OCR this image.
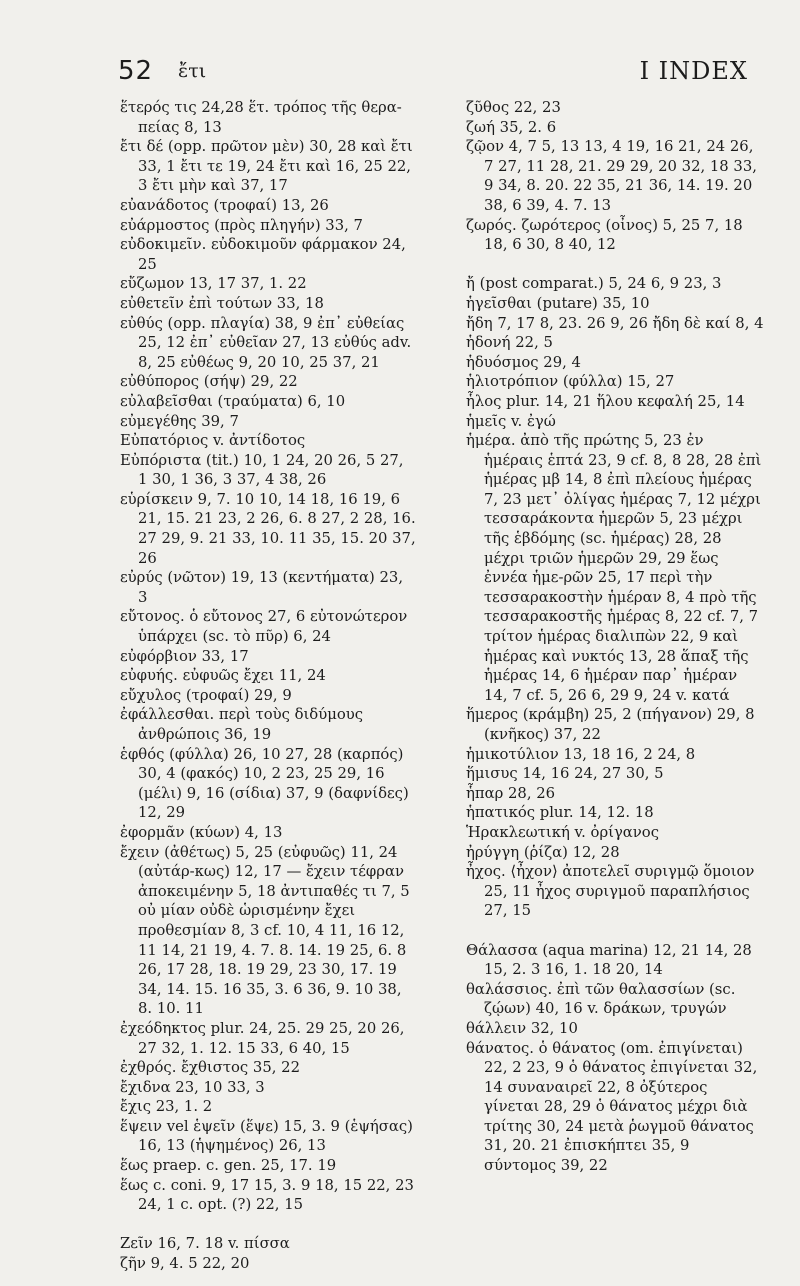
52 ἔτι	I INDEX

ἕτερός τις 24,28 ἕτ. τρόπος τῆς θερα-πείας 8, 13

ἔτι δέ (opp. πρῶτον μὲν) 30, 28 καὶ ἔτι 33, 1 ἔτι τε 19, 24 ἔτι καὶ 16, 25 22, 3 ἔτι μὴν καὶ 37, 17

εὐανάδοτος (τροφαί) 13, 26

εὐάρμοστος (πρὸς πληγήν) 33, 7

εὐδοκιμεῖν. εὐδοκιμοῦν φάρμακον 24, 25

εὔζωμον 13, 17 37, 1. 22

εὐθετεῖν ἐπὶ τούτων 33, 18

εὐθύς (opp. πλαγία) 38, 9 ἐπ᾽ εὐθείας 25, 12 ἐπ᾽ εὐθεῖαν 27, 13 εὐθύς adv. 8, 25 εὐθέως 9, 20 10, 25 37, 21

εὐθύπορος (σήψ) 29, 22

εὐλαβεῖσθαι (τραύματα) 6, 10

εὐμεγέθης 39, 7

Εὐπατόριος v. ἀντίδοτος

Εὐπόριστα (tit.) 10, 1 24, 20 26, 5 27, 1 30, 1 36, 3 37, 4 38, 26

εὑρίσκειν 9, 7. 10 10, 14 18, 16 19, 6 21, 15. 21 23, 2 26, 6. 8 27, 2 28, 16. 27 29, 9. 21 33, 10. 11 35, 15. 20 37, 26

εὐρύς (νῶτον) 19, 13 (κεντήματα) 23, 3

εὔτονος. ὁ εὔτονος 27, 6 εὐτονώτερον ὑπάρχει (sc. τὸ πῦρ) 6, 24

εὐφόρβιον 33, 17

εὐφυής. εὐφυῶς ἔχει 11, 24

εὔχυλος (τροφαί) 29, 9

ἐφάλλεσθαι. περὶ τοὺς διδύμους ἀνθρώποις 36, 19

ἑφθός (φύλλα) 26, 10 27, 28 (καρπός) 30, 4 (φακός) 10, 2 23, 25 29, 16 (μέλι) 9, 16 (σίδια) 37, 9 (δαφνίδες) 12, 29

ἐφορμᾶν (κύων) 4, 13

ἔχειν (ἀθέτως) 5, 25 (εὐφυῶς) 11, 24 (αὐτάρ-κως) 12, 17 — ἔχειν τέφραν ἀποκειμένην 5, 18 ἀντιπαθές τι 7, 5 οὐ μίαν οὐδὲ ὡρισμένην ἔχει προθεσμίαν 8, 3 cf. 10, 4 11, 16 12, 11 14, 21 19, 4. 7. 8. 14. 19 25, 6. 8 26, 17 28, 18. 19 29, 23 30, 17. 19 34, 14. 15. 16 35, 3. 6 36, 9. 10 38, 8. 10. 11

ἐχεόδηκτος plur. 24, 25. 29 25, 20 26, 27 32, 1. 12. 15 33, 6 40, 15

ἐχθρός. ἔχθιστος 35, 22

ἔχιδνα 23, 10 33, 3

ἔχις 23, 1. 2

ἕψειν vel ἑψεῖν (ἕψε) 15, 3. 9 (ἑψήσας) 16, 13 (ἡψημένος) 26, 13

ἕως praep. c. gen. 25, 17. 19

ἕως c. coni. 9, 17 15, 3. 9 18, 15 22, 23 24, 1 c. opt. (?) 22, 15

Ζεῖν 16, 7. 18 v. πίσσα

ζῆν 9, 4. 5 22, 20

ζῦθος 22, 23

ζωή 35, 2. 6

ζῷον 4, 7 5, 13 13, 4 19, 16 21, 24 26, 7 27, 11 28, 21. 29 29, 20 32, 18 33, 9 34, 8. 20. 22 35, 21 36, 14. 19. 20 38, 6 39, 4. 7. 13

ζωρός. ζωρότερος (οἶνος) 5, 25 7, 18 18, 6 30, 8 40, 12

ἤ (post comparat.) 5, 24 6, 9 23, 3

ἡγεῖσθαι (putare) 35, 10

ἤδη 7, 17 8, 23. 26 9, 26 ἤδη δὲ καί 8, 4

ἡδονή 22, 5

ἡδυόσμος 29, 4

ἡλιοτρόπιον (φύλλα) 15, 27

ἧλος plur. 14, 21 ἥλου κεφαλή 25, 14

ἡμεῖς v. ἐγώ

ἡμέρα. ἀπὸ τῆς πρώτης 5, 23 ἐν ἡμέραις ἑπτά 23, 9 cf. 8, 8 28, 28 ἐπὶ ἡμέρας μβ 14, 8 ἐπὶ πλείους ἡμέρας 7, 23 μετ᾽ ὀλίγας ἡμέρας 7, 12 μέχρι τεσσαράκοντα ἡμερῶν 5, 23 μέχρι τῆς ἑβδόμης (sc. ἡμέρας) 28, 28 μέχρι τριῶν ἡμερῶν 29, 29 ἕως ἐννέα ἡμε-ρῶν 25, 17 περὶ τὴν τεσσαρακοστὴν ἡμέραν 8, 4 πρὸ τῆς τεσσαρακοστῆς ἡμέρας 8, 22 cf. 7, 7 τρίτον ἡμέρας διαλιπὼν 22, 9 καὶ ἡμέρας καὶ νυκτός 13, 28 ἅπαξ τῆς ἡμέρας 14, 6 ἡμέραν παρ᾽ ἡμέραν 14, 7 cf. 5, 26 6, 29 9, 24 v. κατά

ἥμερος (κράμβη) 25, 2 (πήγανον) 29, 8 (κνῆκος) 37, 22

ἡμικοτύλιον 13, 18 16, 2 24, 8

ἥμισυς 14, 16 24, 27 30, 5

ἧπαρ 28, 26

ἡπατικός plur. 14, 12. 18

Ἡρακλεωτική v. ὀρίγανος

ἠρύγγη (ῥίζα) 12, 28

ἦχος. ⟨ἦχον⟩ ἀποτελεῖ συριγμῷ ὅμοιον 25, 11 ἦχος συριγμοῦ παραπλήσιος 27, 15

Θάλασσα (aqua marina) 12, 21 14, 28 15, 2. 3 16, 1. 18 20, 14

θαλάσσιος. ἐπὶ τῶν θαλασσίων (sc. ζῴων) 40, 16 v. δράκων, τρυγών

θάλλειν 32, 10

θάνατος. ὁ θάνατος (om. ἐπιγίνεται) 22, 2 23, 9 ὁ θάνατος ἐπιγίνεται 32, 14 συναναιρεῖ 22, 8 ὀξύτερος γίνεται 28, 29 ὁ θάνατος μέχρι διὰ τρίτης 30, 24 μετὰ ῥωγμοῦ θάνατος 31, 20. 21 ἐπισκήπτει 35, 9 σύντομος 39, 22
